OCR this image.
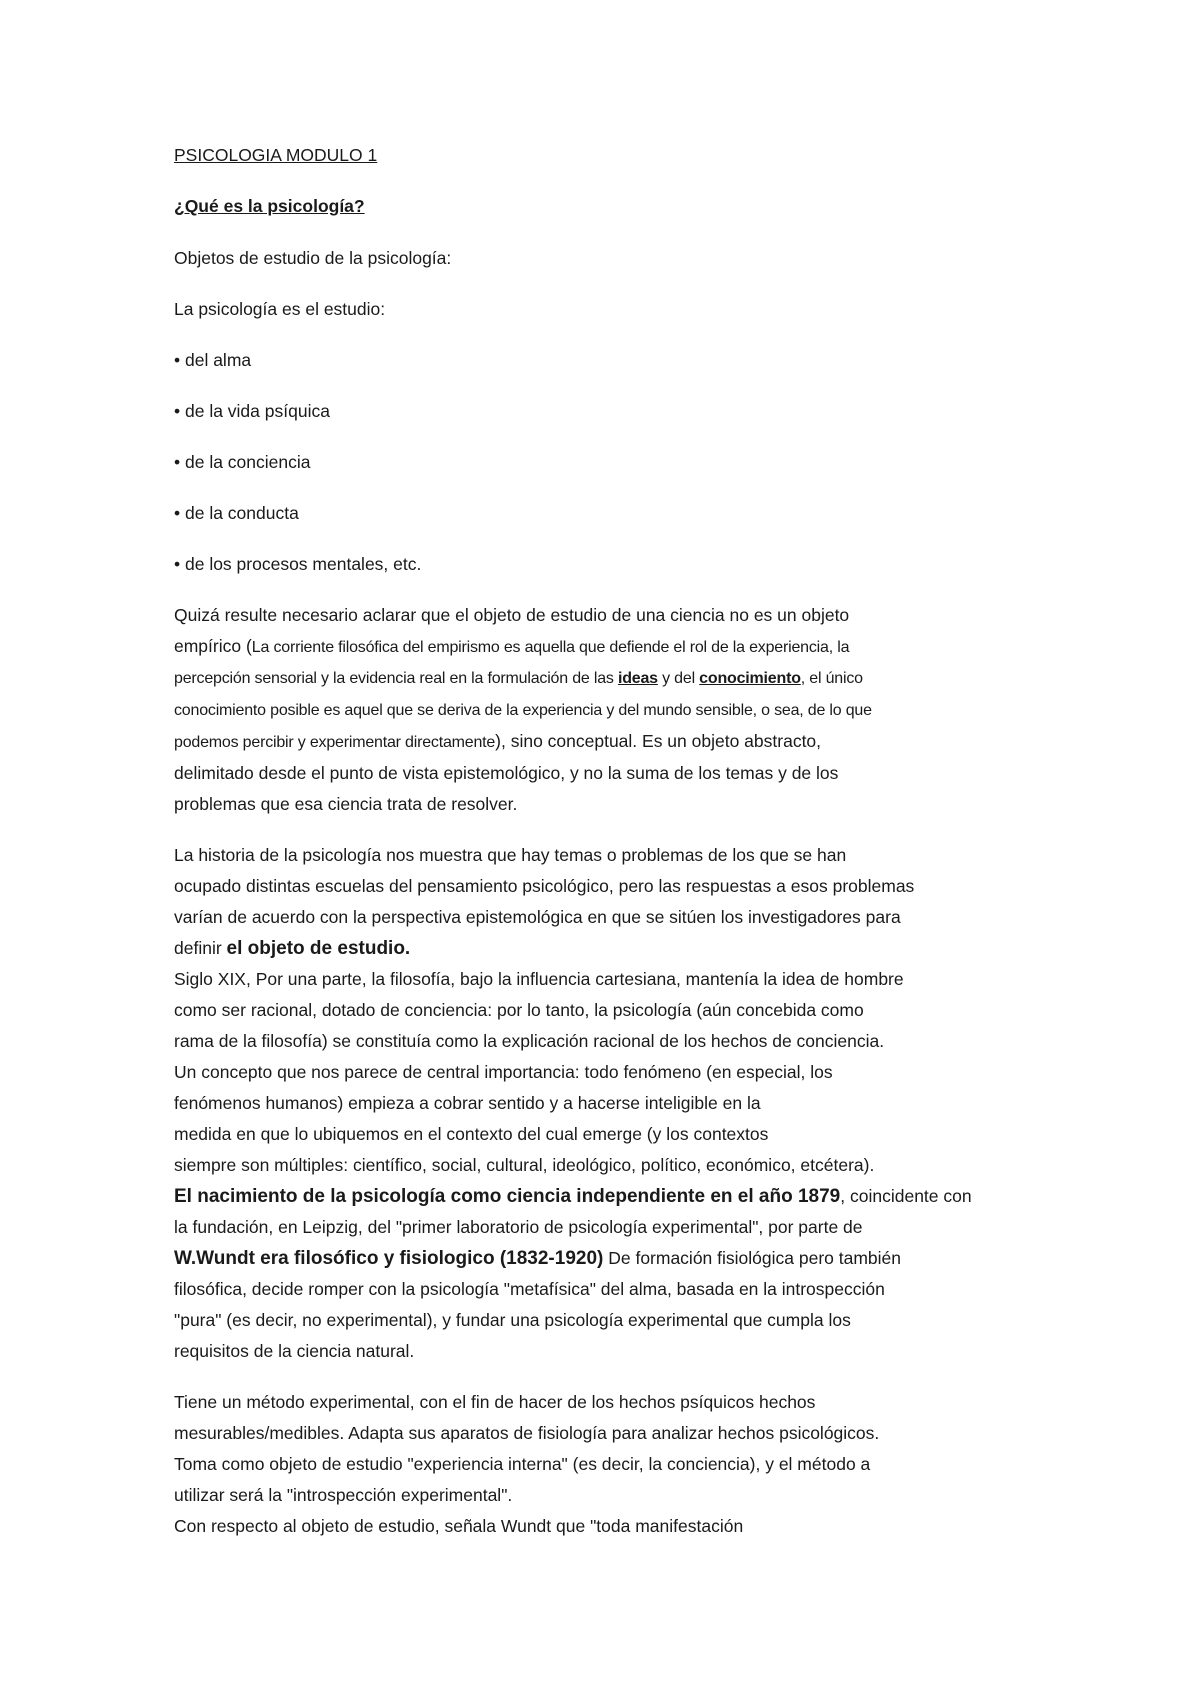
PSICOLOGIA MODULO 1

¿Qué es la psicología?

Objetos de estudio de la psicología:

La psicología es el estudio:

• del alma

• de la vida psíquica

• de la conciencia

• de la conducta

• de los procesos mentales, etc.

Quizá resulte necesario aclarar que el objeto de estudio de una ciencia no es un objeto
empírico (La corriente filosófica del empirismo es aquella que defiende el rol de la experiencia, la
percepción sensorial y la evidencia real en la formulación de las ideas y del conocimiento, el único
conocimiento posible es aquel que se deriva de la experiencia y del mundo sensible, o sea, de lo que
podemos percibir y experimentar directamente), sino conceptual. Es un objeto abstracto,
delimitado desde el punto de vista epistemológico, y no la suma de los temas y de los
problemas que esa ciencia trata de resolver.
La historia de la psicología nos muestra que hay temas o problemas de los que se han
ocupado distintas escuelas del pensamiento psicológico, pero las respuestas a esos problemas
varían de acuerdo con la perspectiva epistemológica en que se sitúen los investigadores para
definir el objeto de estudio.
Siglo XIX, Por una parte, la filosofía, bajo la influencia cartesiana, mantenía la idea de hombre
como ser racional, dotado de conciencia: por lo tanto, la psicología (aún concebida como
rama de la filosofía) se constituía como la explicación racional de los hechos de conciencia.
Un concepto que nos parece de central importancia: todo fenómeno (en especial, los
fenómenos humanos) empieza a cobrar sentido y a hacerse inteligible en la
medida en que lo ubiquemos en el contexto del cual emerge (y los contextos
siempre son múltiples: científico, social, cultural, ideológico, político, económico, etcétera).
El nacimiento de la psicología como ciencia independiente en el año 1879, coincidente con
la fundación, en Leipzig, del "primer laboratorio de psicología experimental", por parte de
W.Wundt era filosófico y fisiologico (1832-1920) De formación fisiológica pero también
filosófica, decide romper con la psicología "metafísica" del alma, basada en la introspección
"pura" (es decir, no experimental), y fundar una psicología experimental que cumpla los
requisitos de la ciencia natural.
Tiene un método experimental, con el fin de hacer de los hechos psíquicos hechos
mesurables/medibles. Adapta sus aparatos de fisiología para analizar hechos psicológicos.
Toma como objeto de estudio "experiencia interna" (es decir, la conciencia), y el método a
utilizar será la "introspección experimental".
Con respecto al objeto de estudio, señala Wundt que "toda manifestación
